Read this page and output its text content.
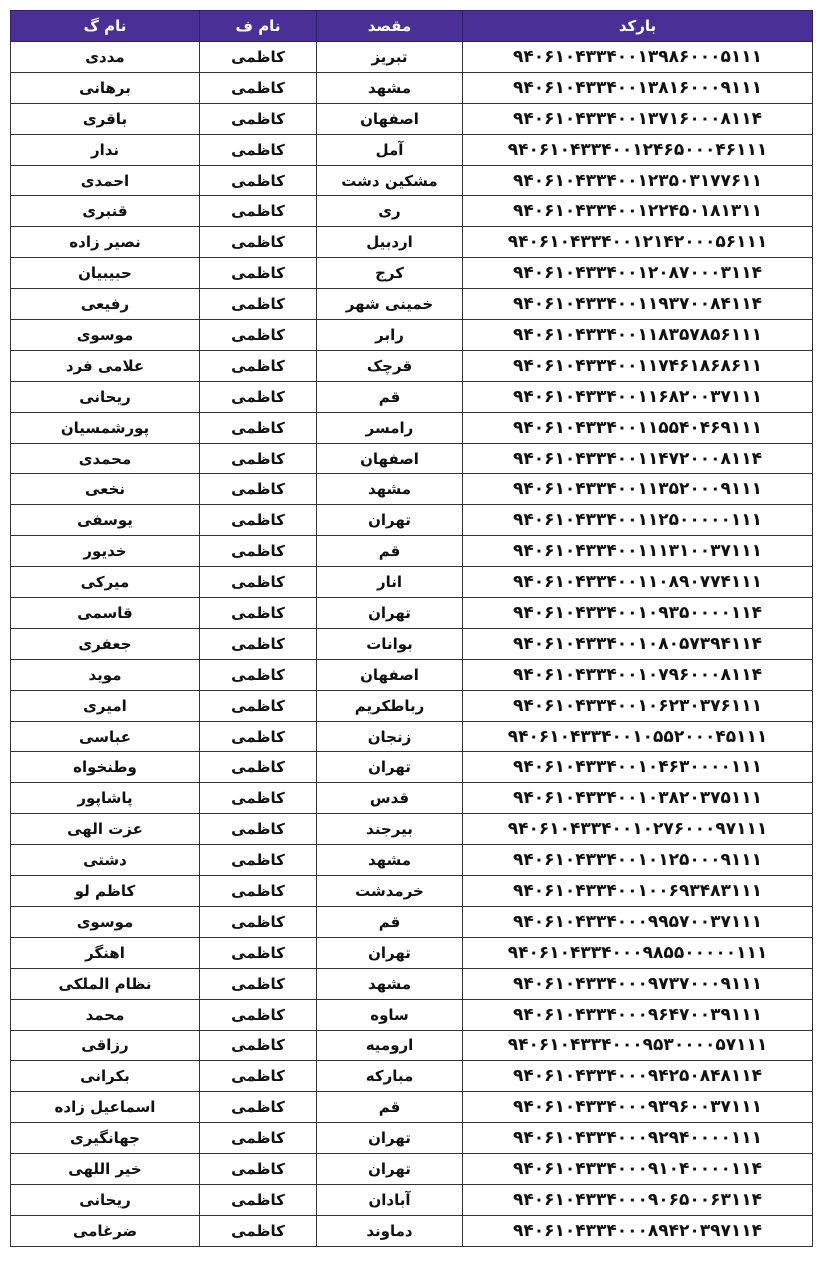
بارکد	مقصد	نام ف	نام گ
۹۴۰۶۱۰۴۳۳۴۰۰۱۳۹۸۶۰۰۰۵۱۱۱	تبریز	کاظمی	مددی
۹۴۰۶۱۰۴۳۳۴۰۰۱۳۸۱۶۰۰۰۹۱۱۱	مشهد	کاظمی	برهانی
۹۴۰۶۱۰۴۳۳۴۰۰۱۳۷۱۶۰۰۰۸۱۱۴	اصفهان	کاظمی	باقری
۹۴۰۶۱۰۴۳۳۴۰۰۱۲۴۶۵۰۰۰۴۶۱۱۱	آمل	کاظمی	ندار
۹۴۰۶۱۰۴۳۳۴۰۰۱۲۳۵۰۳۱۷۷۶۱۱	مشکین دشت	کاظمی	احمدی
۹۴۰۶۱۰۴۳۳۴۰۰۱۲۲۴۵۰۱۸۱۳۱۱	ری	کاظمی	قنبری
۹۴۰۶۱۰۴۳۳۴۰۰۱۲۱۴۲۰۰۰۵۶۱۱۱	اردبیل	کاظمی	نصیر زاده
۹۴۰۶۱۰۴۳۳۴۰۰۱۲۰۸۷۰۰۰۳۱۱۴	کرج	کاظمی	حبیبیان
۹۴۰۶۱۰۴۳۳۴۰۰۱۱۹۳۷۰۰۸۴۱۱۴	خمینی شهر	کاظمی	رفیعی
۹۴۰۶۱۰۴۳۳۴۰۰۱۱۸۳۵۷۸۵۶۱۱۱	رابر	کاظمی	موسوی
۹۴۰۶۱۰۴۳۳۴۰۰۱۱۷۴۶۱۸۶۸۶۱۱	قرچک	کاظمی	علامی فرد
۹۴۰۶۱۰۴۳۳۴۰۰۱۱۶۸۲۰۰۳۷۱۱۱	قم	کاظمی	ریحانی
۹۴۰۶۱۰۴۳۳۴۰۰۱۱۵۵۴۰۴۶۹۱۱۱	رامسر	کاظمی	پورشمسیان
۹۴۰۶۱۰۴۳۳۴۰۰۱۱۴۷۲۰۰۰۸۱۱۴	اصفهان	کاظمی	محمدی
۹۴۰۶۱۰۴۳۳۴۰۰۱۱۳۵۲۰۰۰۹۱۱۱	مشهد	کاظمی	نخعی
۹۴۰۶۱۰۴۳۳۴۰۰۱۱۲۵۰۰۰۰۰۱۱۱	تهران	کاظمی	یوسفی
۹۴۰۶۱۰۴۳۳۴۰۰۱۱۱۳۱۰۰۳۷۱۱۱	قم	کاظمی	خدیور
۹۴۰۶۱۰۴۳۳۴۰۰۱۱۰۸۹۰۷۷۴۱۱۱	انار	کاظمی	میرکی
۹۴۰۶۱۰۴۳۳۴۰۰۱۰۹۳۵۰۰۰۰۱۱۴	تهران	کاظمی	قاسمی
۹۴۰۶۱۰۴۳۳۴۰۰۱۰۸۰۵۷۳۹۴۱۱۴	بوانات	کاظمی	جعفری
۹۴۰۶۱۰۴۳۳۴۰۰۱۰۷۹۶۰۰۰۸۱۱۴	اصفهان	کاظمی	موید
۹۴۰۶۱۰۴۳۳۴۰۰۱۰۶۲۳۰۳۷۶۱۱۱	رباطکریم	کاظمی	امیری
۹۴۰۶۱۰۴۳۳۴۰۰۱۰۵۵۲۰۰۰۴۵۱۱۱	زنجان	کاظمی	عباسی
۹۴۰۶۱۰۴۳۳۴۰۰۱۰۴۶۳۰۰۰۰۱۱۱	تهران	کاظمی	وطنخواه
۹۴۰۶۱۰۴۳۳۴۰۰۱۰۳۸۲۰۳۷۵۱۱۱	قدس	کاظمی	پاشاپور
۹۴۰۶۱۰۴۳۳۴۰۰۱۰۲۷۶۰۰۰۹۷۱۱۱	بیرجند	کاظمی	عزت الهی
۹۴۰۶۱۰۴۳۳۴۰۰۱۰۱۲۵۰۰۰۹۱۱۱	مشهد	کاظمی	دشتی
۹۴۰۶۱۰۴۳۳۴۰۰۱۰۰۶۹۳۴۸۳۱۱۱	خرمدشت	کاظمی	کاظم لو
۹۴۰۶۱۰۴۳۳۴۰۰۰۹۹۵۷۰۰۳۷۱۱۱	قم	کاظمی	موسوی
۹۴۰۶۱۰۴۳۳۴۰۰۰۹۸۵۵۰۰۰۰۰۱۱۱	تهران	کاظمی	اهنگر
۹۴۰۶۱۰۴۳۳۴۰۰۰۹۷۳۷۰۰۰۹۱۱۱	مشهد	کاظمی	نظام الملکی
۹۴۰۶۱۰۴۳۳۴۰۰۰۹۶۴۷۰۰۳۹۱۱۱	ساوه	کاظمی	محمد
۹۴۰۶۱۰۴۳۳۴۰۰۰۹۵۳۰۰۰۰۵۷۱۱۱	ارومیه	کاظمی	رزاقی
۹۴۰۶۱۰۴۳۳۴۰۰۰۹۴۲۵۰۸۴۸۱۱۴	مبارکه	کاظمی	بکرانی
۹۴۰۶۱۰۴۳۳۴۰۰۰۹۳۹۶۰۰۳۷۱۱۱	قم	کاظمی	اسماعیل زاده
۹۴۰۶۱۰۴۳۳۴۰۰۰۹۲۹۴۰۰۰۰۱۱۱	تهران	کاظمی	جهانگیری
۹۴۰۶۱۰۴۳۳۴۰۰۰۹۱۰۴۰۰۰۰۱۱۴	تهران	کاظمی	خیر اللهی
۹۴۰۶۱۰۴۳۳۴۰۰۰۹۰۶۵۰۰۶۳۱۱۴	آبادان	کاظمی	ریحانی
۹۴۰۶۱۰۴۳۳۴۰۰۰۸۹۴۲۰۳۹۷۱۱۴	دماوند	کاظمی	ضرغامی
